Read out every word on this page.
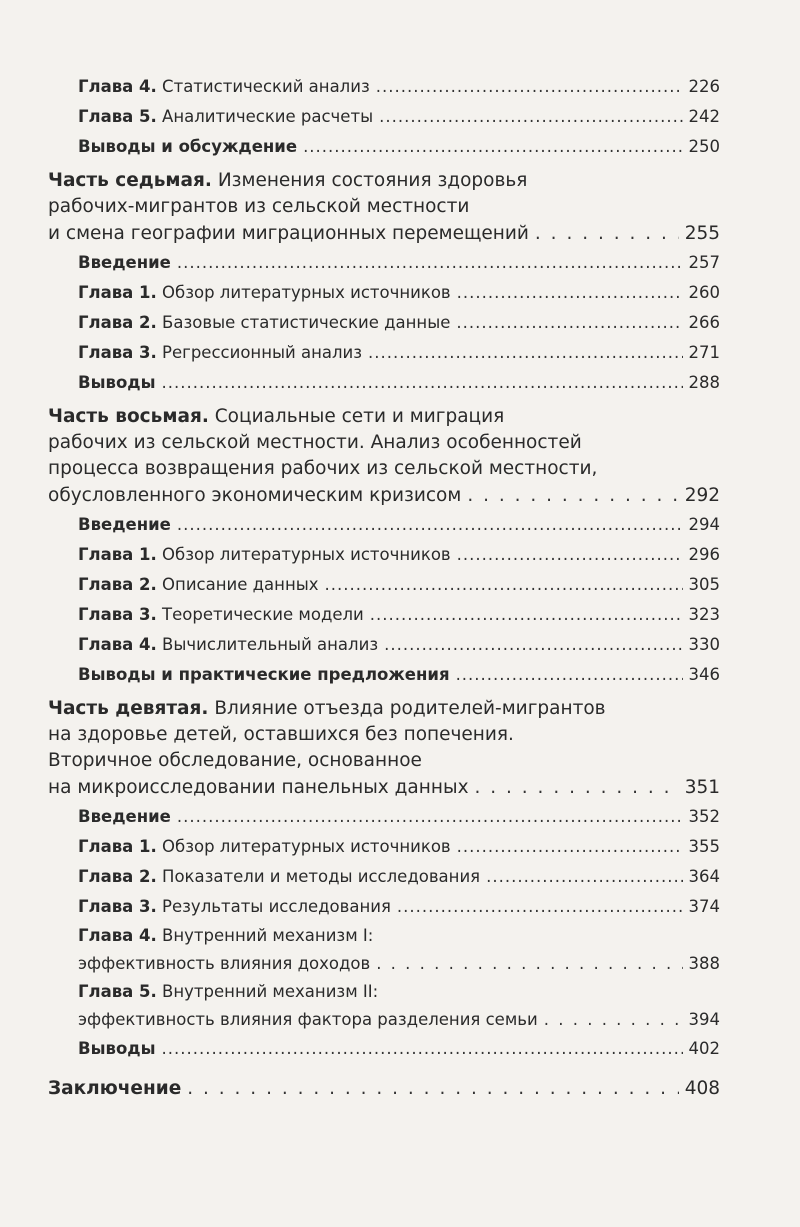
Глава 4. Статистический анализ .....	226
Глава 5. Аналитические расчеты .....	242
Выводы и обсуждение .....	250
Часть седьмая. Изменения состояния здоровья
рабочих-мигрантов из сельской местности
и смена географии миграционных перемещений . . .	255
Введение .....	257
Глава 1. Обзор литературных источников .....	260
Глава 2. Базовые статистические данные .....	266
Глава 3. Регрессионный анализ .....	271
Выводы .....	288
Часть восьмая. Социальные сети и миграция
рабочих из сельской местности. Анализ особенностей
процесса возвращения рабочих из сельской местности,
обусловленного экономическим кризисом . . .	292
Введение .....	294
Глава 1. Обзор литературных источников .....	296
Глава 2. Описание данных .....	305
Глава 3. Теоретические модели .....	323
Глава 4. Вычислительный анализ .....	330
Выводы и практические предложения .....	346
Часть девятая. Влияние отъезда родителей-мигрантов
на здоровье детей, оставшихся без попечения.
Вторичное обследование, основанное
на микроисследовании панельных данных . . .	351
Введение .....	352
Глава 1. Обзор литературных источников .....	355
Глава 2. Показатели и методы исследования .....	364
Глава 3. Результаты исследования .....	374
Глава 4. Внутренний механизм I:
эффективность влияния доходов . . .	388
Глава 5. Внутренний механизм II:
эффективность влияния фактора разделения семьи . . .	394
Выводы .....	402
Заключение . . .	408
